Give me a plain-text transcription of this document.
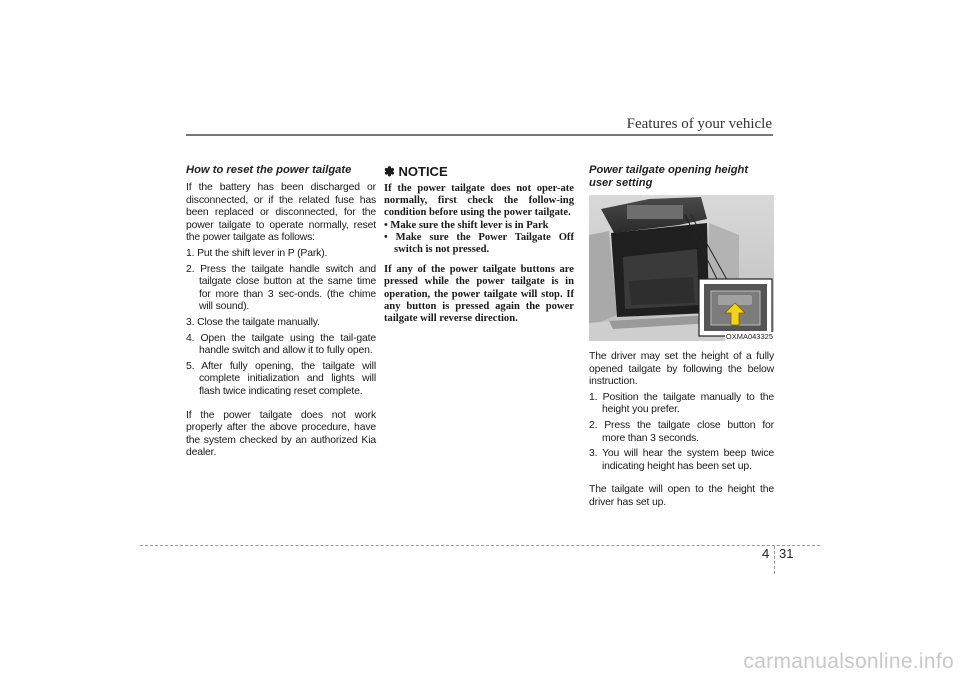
Features of your vehicle

How to reset the power tailgate

If the battery has been discharged or disconnected, or if the related fuse has been replaced or disconnected, for the power tailgate to operate normally, reset the power tailgate as follows:

1. Put the shift lever in P (Park).

2. Press the tailgate handle switch and tailgate close button at the same time for more than 3 sec-onds. (the chime will sound).

3. Close the tailgate manually.

4. Open the tailgate using the tail-gate handle switch and allow it to fully open.

5. After fully opening, the tailgate will complete initialization and lights will flash twice indicating reset complete.

If the power tailgate does not work properly after the above procedure, have the system checked by an authorized Kia dealer.

✽ NOTICE

If the power tailgate does not oper-ate normally, first check the follow-ing condition before using the power tailgate.

• Make sure the shift lever is in Park

• Make sure the Power Tailgate Off switch is not pressed.

If any of the power tailgate buttons are pressed while the power tailgate is in operation, the power tailgate will stop. If any button is pressed again the power tailgate will reverse direction.

Power tailgate opening height user setting

OXMA043325

The driver may set the height of a fully opened tailgate by following the below instruction.

1. Position the tailgate manually to the height you prefer.

2. Press the tailgate close button for more than 3 seconds.

3. You will hear the system beep twice indicating height has been set up.

The tailgate will open to the height the driver has set up.

4 31
carmanualsonline.info
